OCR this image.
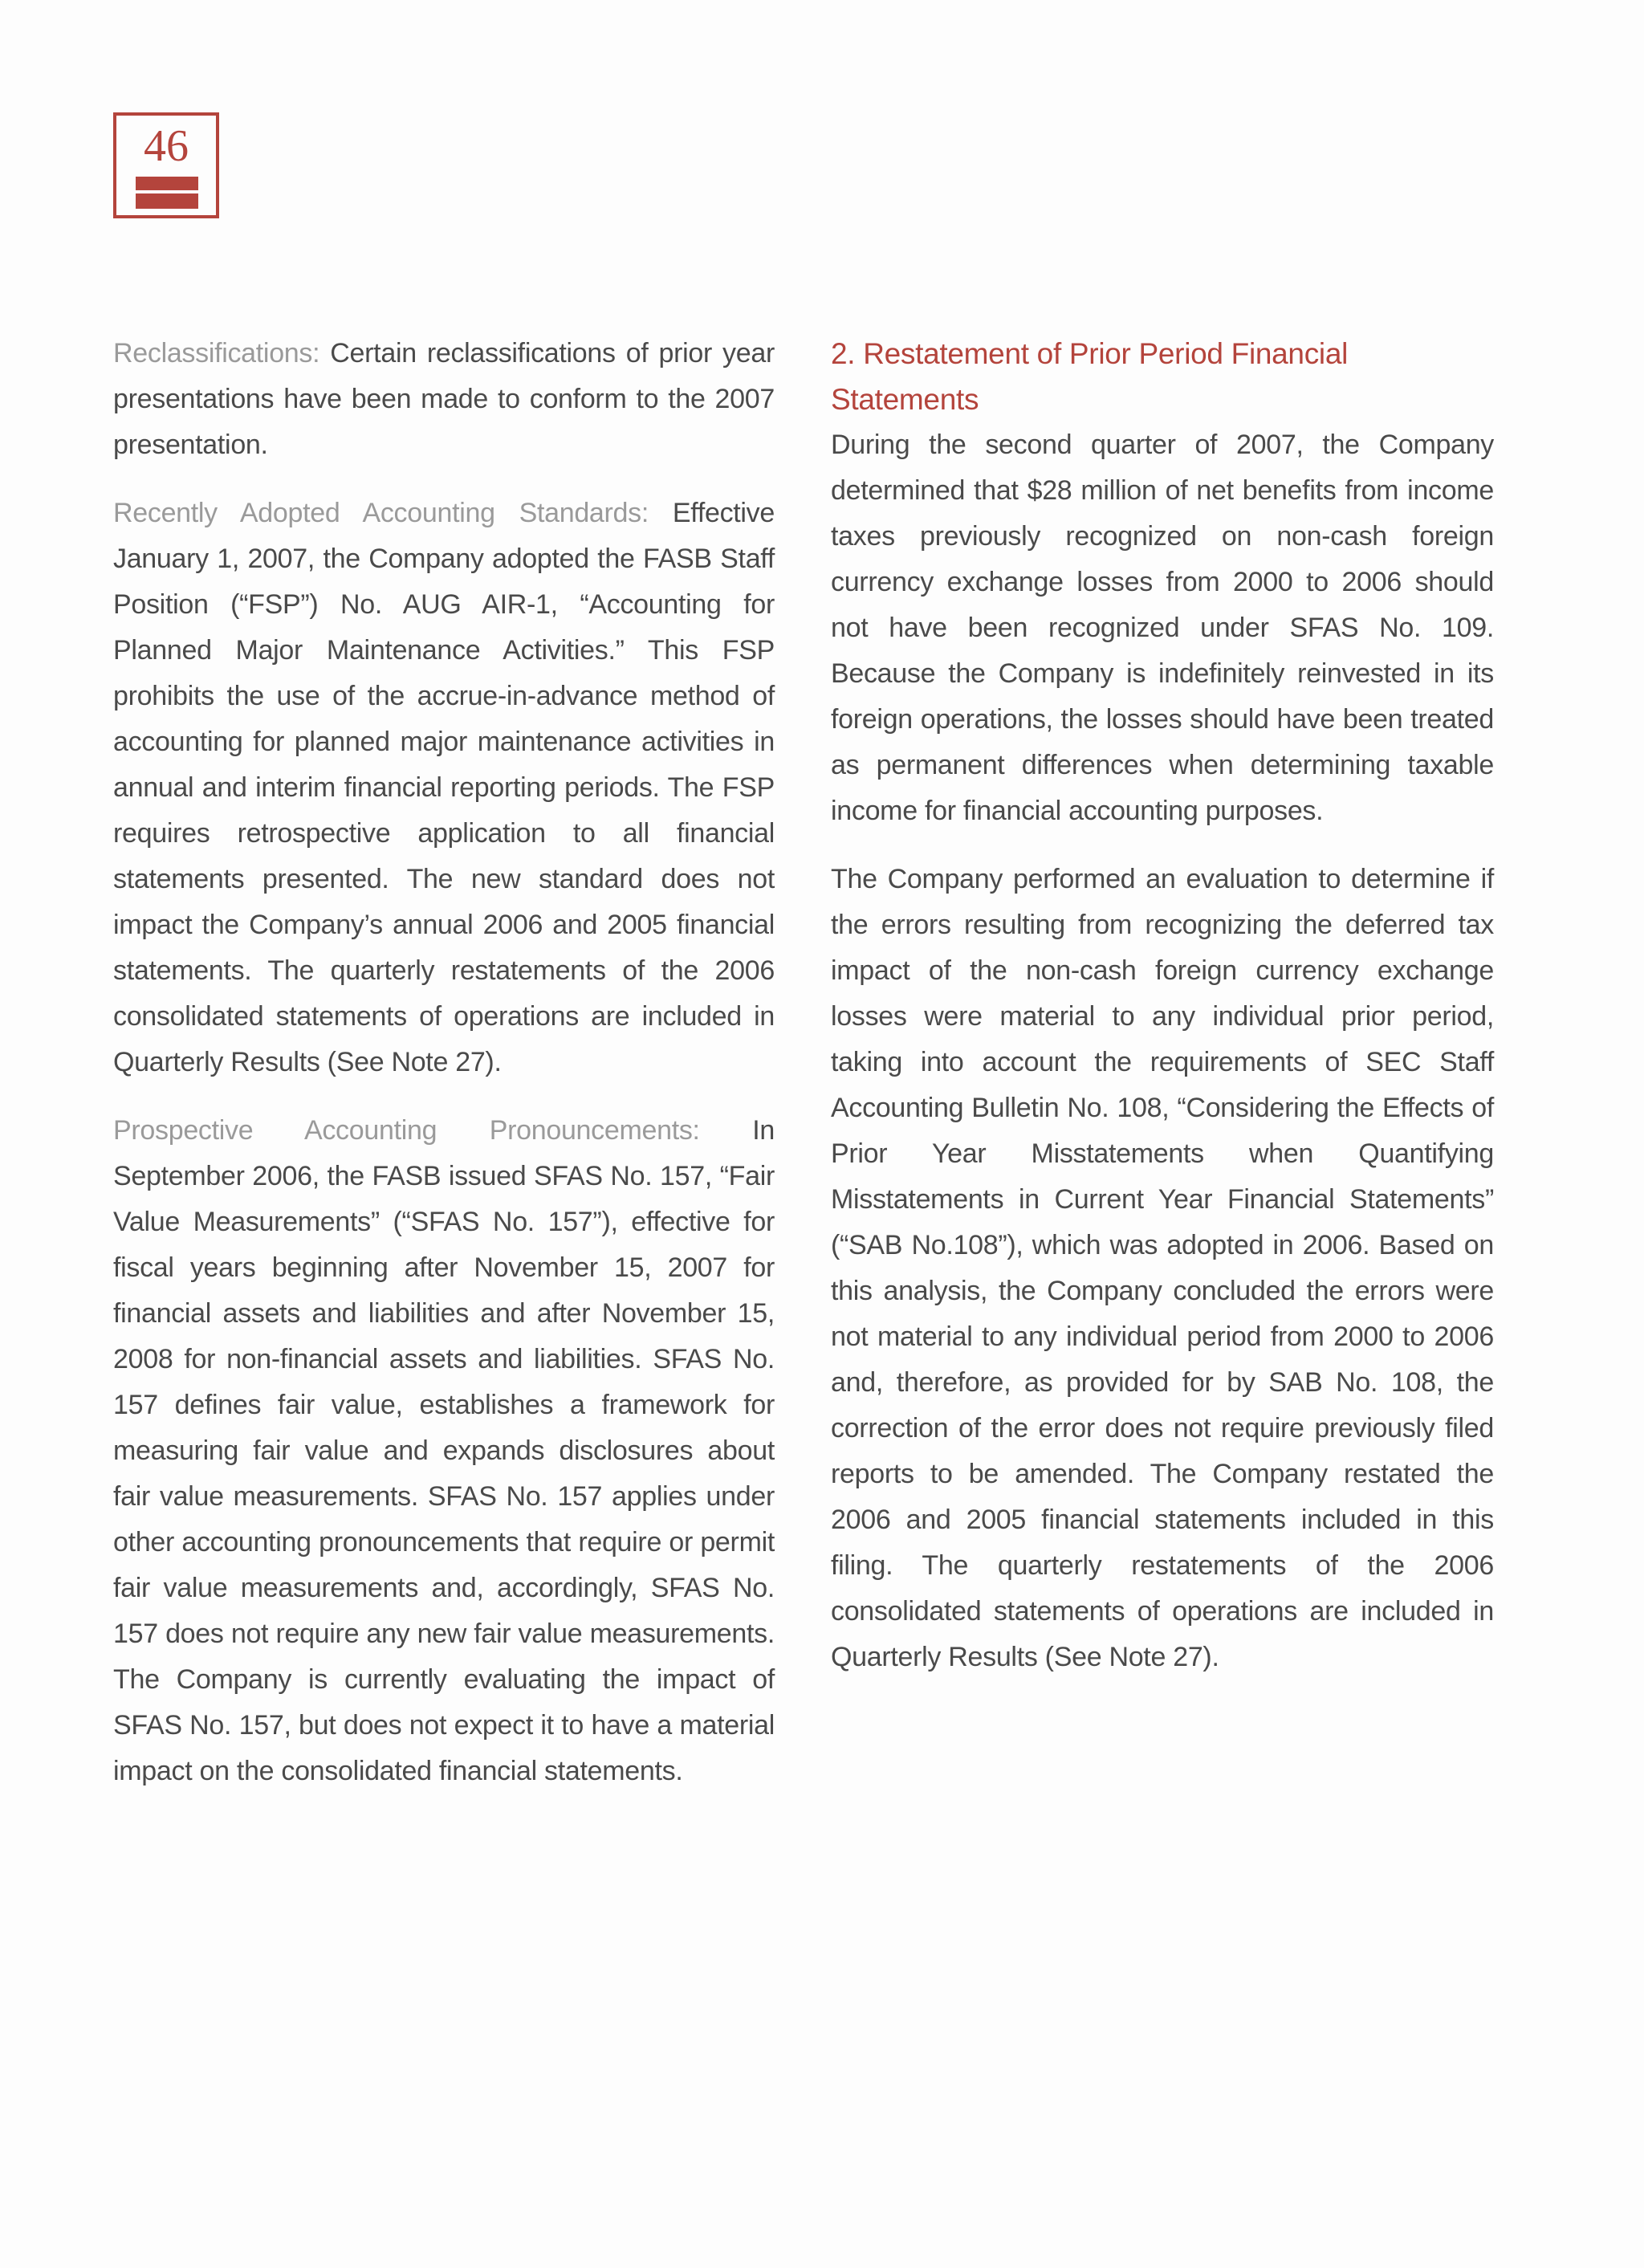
46

Reclassifications: Certain reclassifications of prior year presentations have been made to conform to the 2007 presentation.

Recently Adopted Accounting Standards: Effective January 1, 2007, the Company adopted the FASB Staff Position (“FSP”) No. AUG AIR-1, “Accounting for Planned Major Maintenance Activities.” This FSP prohibits the use of the accrue-in-advance method of accounting for planned major maintenance activities in annual and interim financial reporting periods. The FSP requires retrospective application to all financial statements presented. The new standard does not impact the Company’s annual 2006 and 2005 financial statements. The quarterly restatements of the 2006 consolidated statements of operations are included in Quarterly Results (See Note 27).

Prospective Accounting Pronouncements: In September 2006, the FASB issued SFAS No. 157, “Fair Value Measurements” (“SFAS No. 157”), effective for fiscal years beginning after November 15, 2007 for financial assets and liabilities and after November 15, 2008 for non-financial assets and liabilities. SFAS No. 157 defines fair value, establishes a framework for measuring fair value and expands disclosures about fair value measurements. SFAS No. 157 applies under other accounting pronouncements that require or permit fair value measurements and, accordingly, SFAS No. 157 does not require any new fair value measurements. The Company is currently evaluating the impact of SFAS No. 157, but does not expect it to have a material impact on the consolidated financial statements.

2. Restatement of Prior Period Financial Statements

During the second quarter of 2007, the Company determined that $28 million of net benefits from income taxes previously recognized on non-cash foreign currency exchange losses from 2000 to 2006 should not have been recognized under SFAS No. 109. Because the Company is indefinitely reinvested in its foreign operations, the losses should have been treated as permanent differences when determining taxable income for financial accounting purposes.

The Company performed an evaluation to determine if the errors resulting from recognizing the deferred tax impact of the non-cash foreign currency exchange losses were material to any individual prior period, taking into account the requirements of SEC Staff Accounting Bulletin No. 108, “Considering the Effects of Prior Year Misstatements when Quantifying Misstatements in Current Year Financial Statements” (“SAB No.108”), which was adopted in 2006. Based on this analysis, the Company concluded the errors were not material to any individual period from 2000 to 2006 and, therefore, as provided for by SAB No. 108, the correction of the error does not require previously filed reports to be amended. The Company restated the 2006 and 2005 financial statements included in this filing. The quarterly restatements of the 2006 consolidated statements of operations are included in Quarterly Results (See Note 27).
